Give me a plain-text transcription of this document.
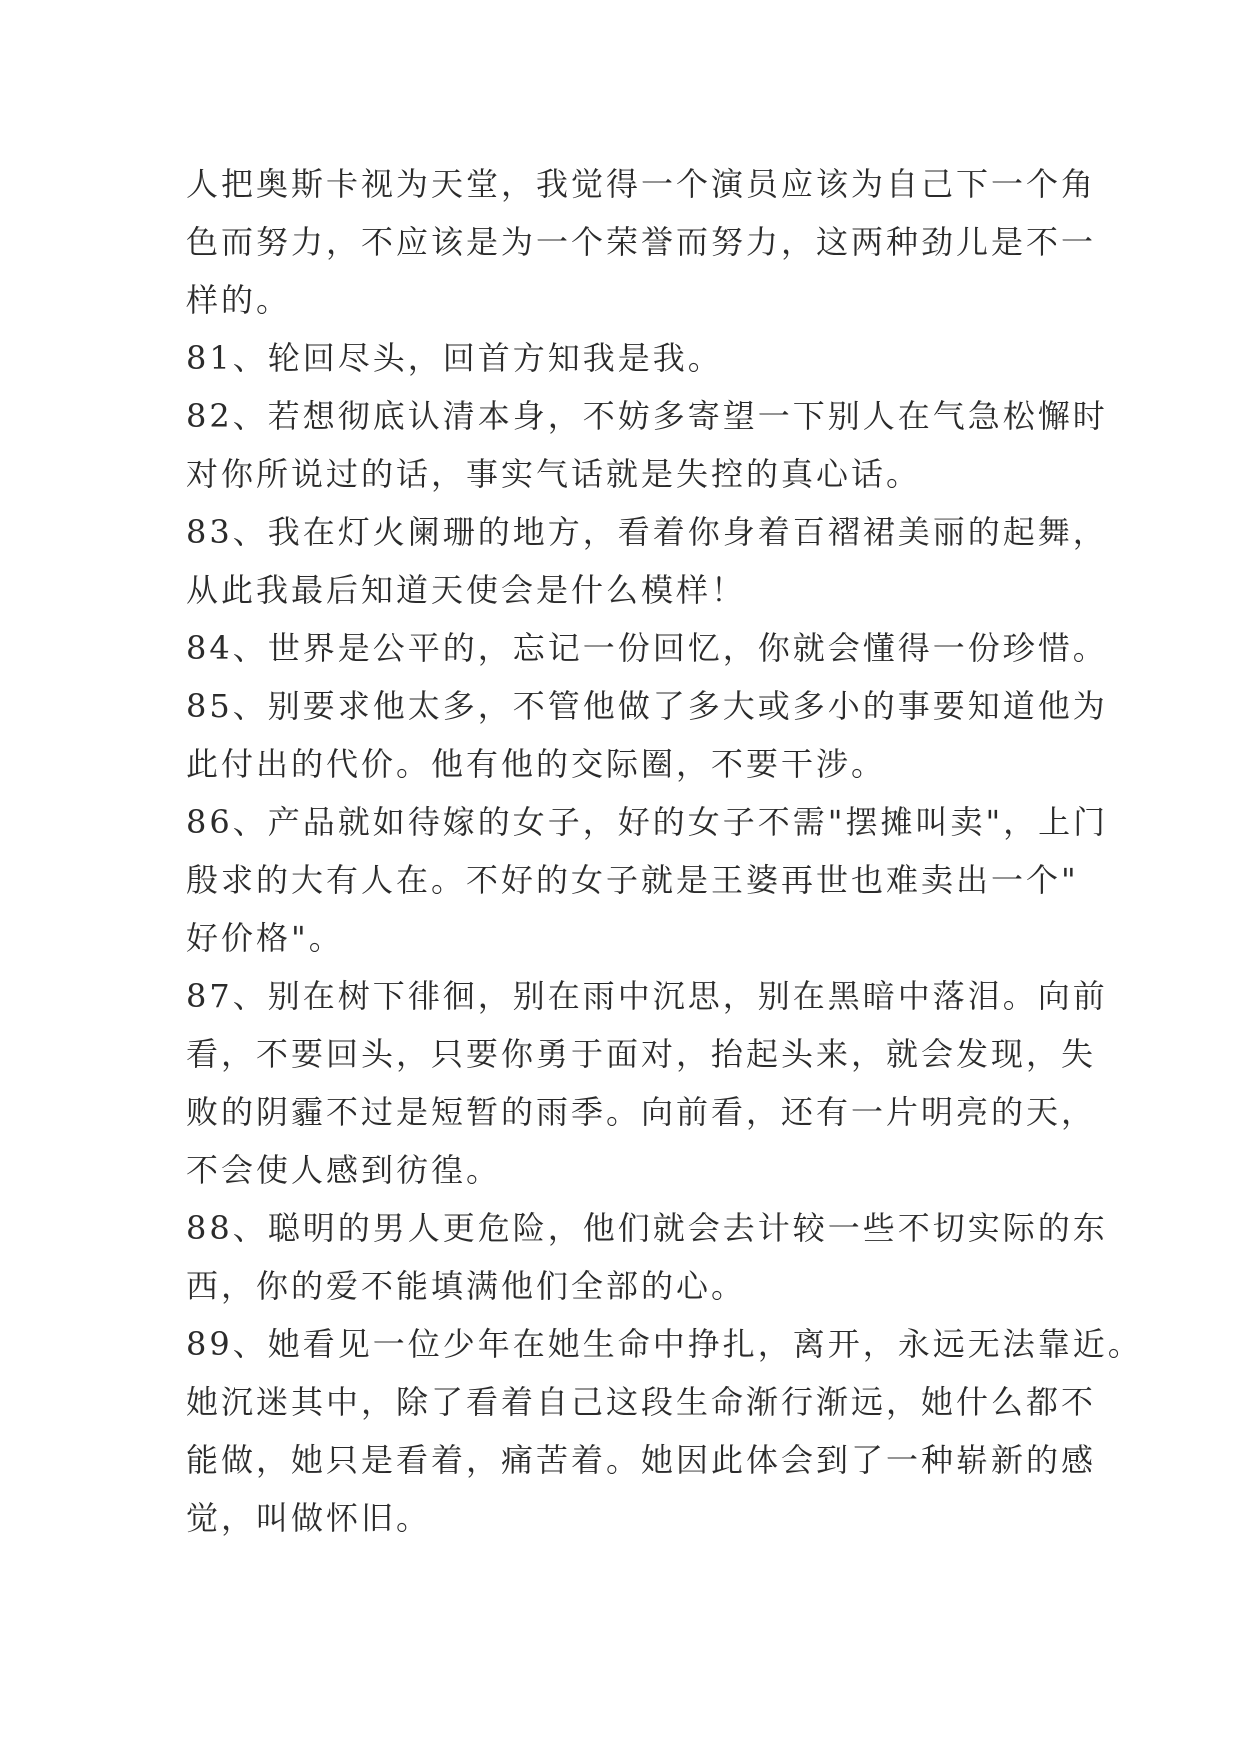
人把奥斯卡视为天堂，我觉得一个演员应该为自己下一个角
色而努力，不应该是为一个荣誉而努力，这两种劲儿是不一
样的。
81、轮回尽头，回首方知我是我。
82、若想彻底认清本身，不妨多寄望一下别人在气急松懈时
对你所说过的话，事实气话就是失控的真心话。
83、我在灯火阑珊的地方，看着你身着百褶裙美丽的起舞，
从此我最后知道天使会是什么模样！
84、世界是公平的，忘记一份回忆，你就会懂得一份珍惜。
85、别要求他太多，不管他做了多大或多小的事要知道他为
此付出的代价。他有他的交际圈，不要干涉。
86、产品就如待嫁的女子，好的女子不需"摆摊叫卖"，上门
殷求的大有人在。不好的女子就是王婆再世也难卖出一个"
好价格"。
87、别在树下徘徊，别在雨中沉思，别在黑暗中落泪。向前
看，不要回头，只要你勇于面对，抬起头来，就会发现，失
败的阴霾不过是短暂的雨季。向前看，还有一片明亮的天，
不会使人感到彷徨。
88、聪明的男人更危险，他们就会去计较一些不切实际的东
西，你的爱不能填满他们全部的心。
89、她看见一位少年在她生命中挣扎，离开，永远无法靠近。
她沉迷其中，除了看着自己这段生命渐行渐远，她什么都不
能做，她只是看着，痛苦着。她因此体会到了一种崭新的感
觉，叫做怀旧。
